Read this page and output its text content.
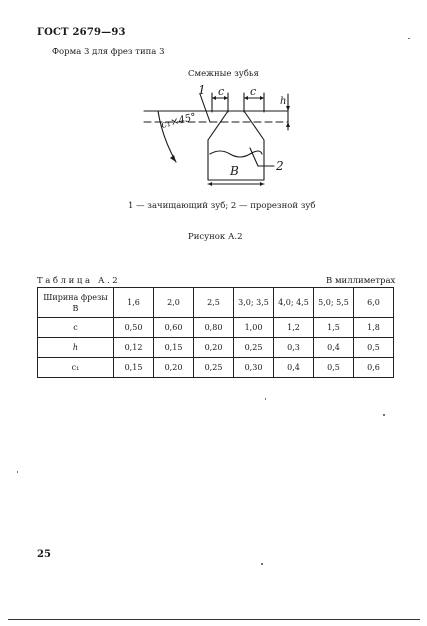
ГОСТ 2679—93
Форма 3 для фрез типа 3
Смежные зубья
c₁×45°
c c
h
B
1
2
1 — зачищающий зуб; 2 — прорезной зуб
Рисунок А.2
Таблица А.2	В миллиметрах
Ширина фрезы
B	1,6	2,0	2,5	3,0; 3,5	4,0; 4,5	5,0; 5,5	6,0
c	0,50	0,60	0,80	1,00	1,2	1,5	1,8
h	0,12	0,15	0,20	0,25	0,3	0,4	0,5
c₁	0,15	0,20	0,25	0,30	0,4	0,5	0,6
25
